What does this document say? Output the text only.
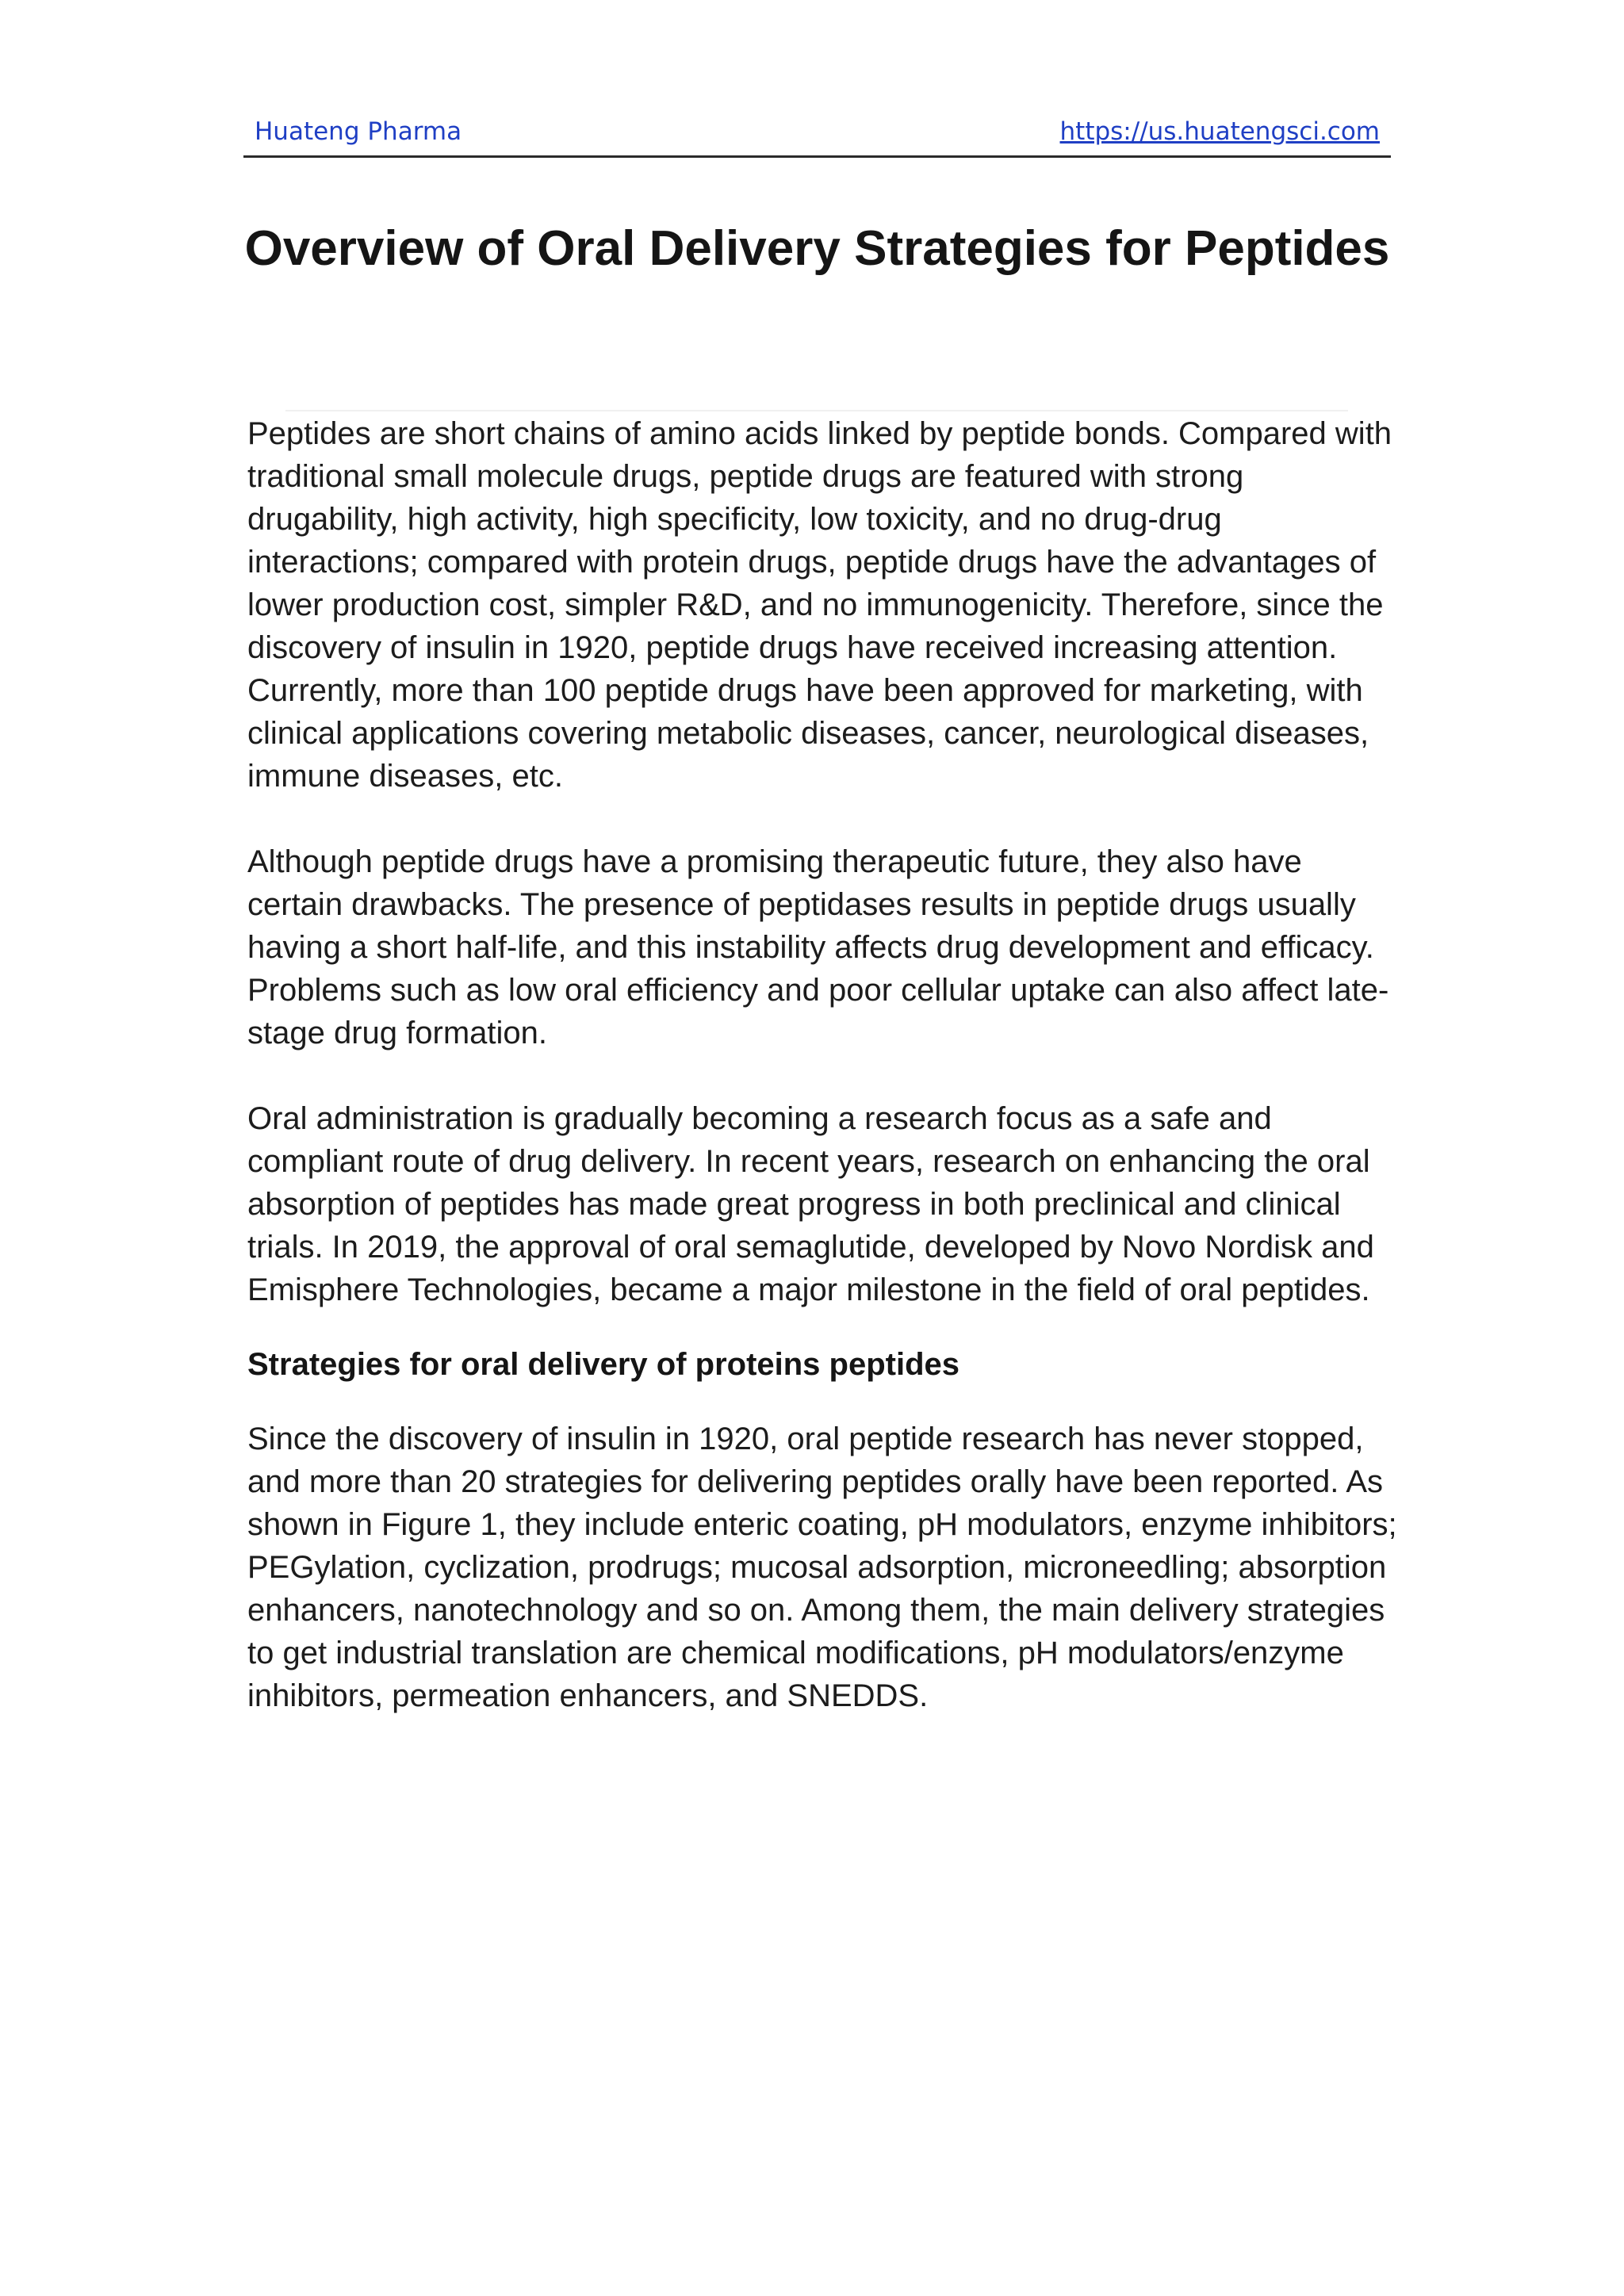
Huateng Pharma	https://us.huatengsci.com
Overview of Oral Delivery Strategies for Peptides

Peptides are short chains of amino acids linked by peptide bonds. Compared with traditional small molecule drugs, peptide drugs are featured with strong drugability, high activity, high specificity, low toxicity, and no drug-drug interactions; compared with protein drugs, peptide drugs have the advantages of lower production cost, simpler R&D, and no immunogenicity. Therefore, since the discovery of insulin in 1920, peptide drugs have received increasing attention. Currently, more than 100 peptide drugs have been approved for marketing, with clinical applications covering metabolic diseases, cancer, neurological diseases, immune diseases, etc.

Although peptide drugs have a promising therapeutic future, they also have certain drawbacks. The presence of peptidases results in peptide drugs usually having a short half-life, and this instability affects drug development and efficacy. Problems such as low oral efficiency and poor cellular uptake can also affect late-stage drug formation.

Oral administration is gradually becoming a research focus as a safe and compliant route of drug delivery. In recent years, research on enhancing the oral absorption of peptides has made great progress in both preclinical and clinical trials. In 2019, the approval of oral semaglutide, developed by Novo Nordisk and Emisphere Technologies, became a major milestone in the field of oral peptides.

Strategies for oral delivery of proteins peptides

Since the discovery of insulin in 1920, oral peptide research has never stopped, and more than 20 strategies for delivering peptides orally have been reported. As shown in Figure 1, they include enteric coating, pH modulators, enzyme inhibitors; PEGylation, cyclization, prodrugs; mucosal adsorption, microneedling; absorption enhancers, nanotechnology and so on. Among them, the main delivery strategies to get industrial translation are chemical modifications, pH modulators/enzyme inhibitors, permeation enhancers, and SNEDDS.
